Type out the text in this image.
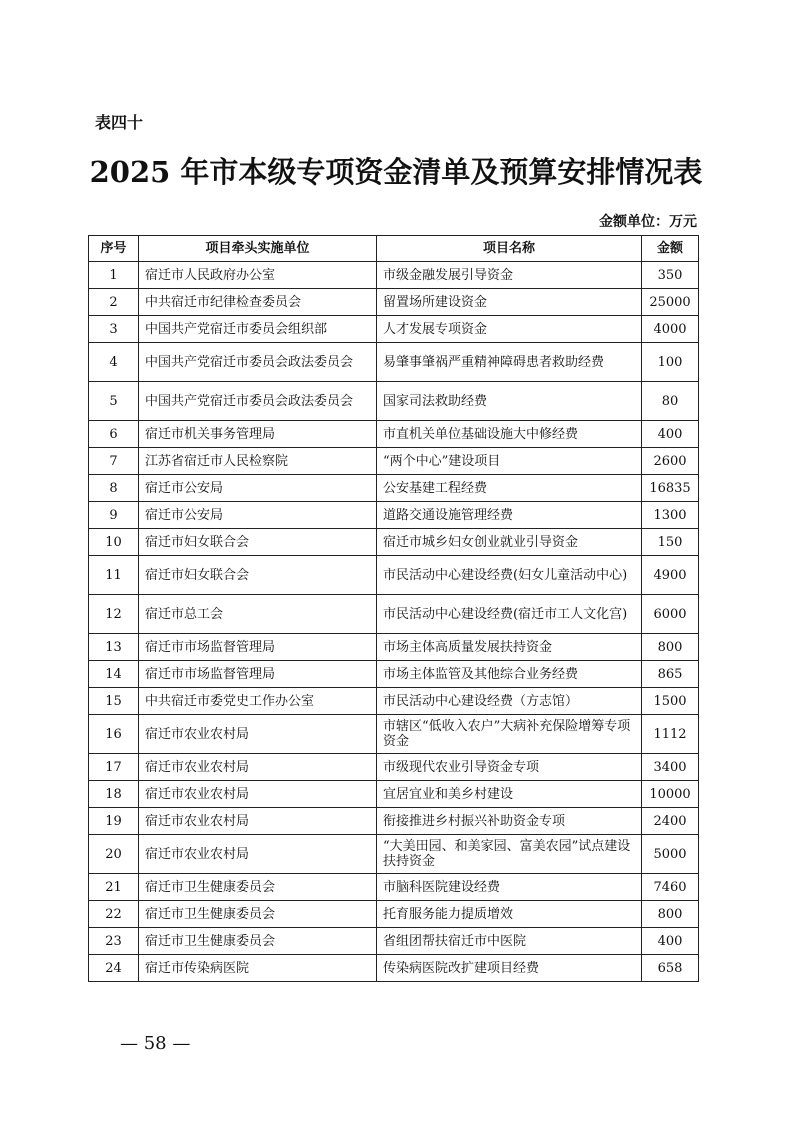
表四十
2025 年市本级专项资金清单及预算安排情况表
金额单位：万元
序号	项目牵头实施单位	项目名称	金额
1	宿迁市人民政府办公室	市级金融发展引导资金	350
2	中共宿迁市纪律检查委员会	留置场所建设资金	25000
3	中国共产党宿迁市委员会组织部	人才发展专项资金	4000
4	中国共产党宿迁市委员会政法委员会	易肇事肇祸严重精神障碍患者救助经费	100
5	中国共产党宿迁市委员会政法委员会	国家司法救助经费	80
6	宿迁市机关事务管理局	市直机关单位基础设施大中修经费	400
7	江苏省宿迁市人民检察院	“两个中心”建设项目	2600
8	宿迁市公安局	公安基建工程经费	16835
9	宿迁市公安局	道路交通设施管理经费	1300
10	宿迁市妇女联合会	宿迁市城乡妇女创业就业引导资金	150
11	宿迁市妇女联合会	市民活动中心建设经费(妇女儿童活动中心)	4900
12	宿迁市总工会	市民活动中心建设经费(宿迁市工人文化宫)	6000
13	宿迁市市场监督管理局	市场主体高质量发展扶持资金	800
14	宿迁市市场监督管理局	市场主体监管及其他综合业务经费	865
15	中共宿迁市委党史工作办公室	市民活动中心建设经费（方志馆）	1500
16	宿迁市农业农村局	市辖区“低收入农户”大病补充保险增筹专项资金	1112
17	宿迁市农业农村局	市级现代农业引导资金专项	3400
18	宿迁市农业农村局	宜居宜业和美乡村建设	10000
19	宿迁市农业农村局	衔接推进乡村振兴补助资金专项	2400
20	宿迁市农业农村局	“大美田园、和美家园、富美农园”试点建设扶持资金	5000
21	宿迁市卫生健康委员会	市脑科医院建设经费	7460
22	宿迁市卫生健康委员会	托育服务能力提质增效	800
23	宿迁市卫生健康委员会	省组团帮扶宿迁市中医院	400
24	宿迁市传染病医院	传染病医院改扩建项目经费	658
— 58 —
